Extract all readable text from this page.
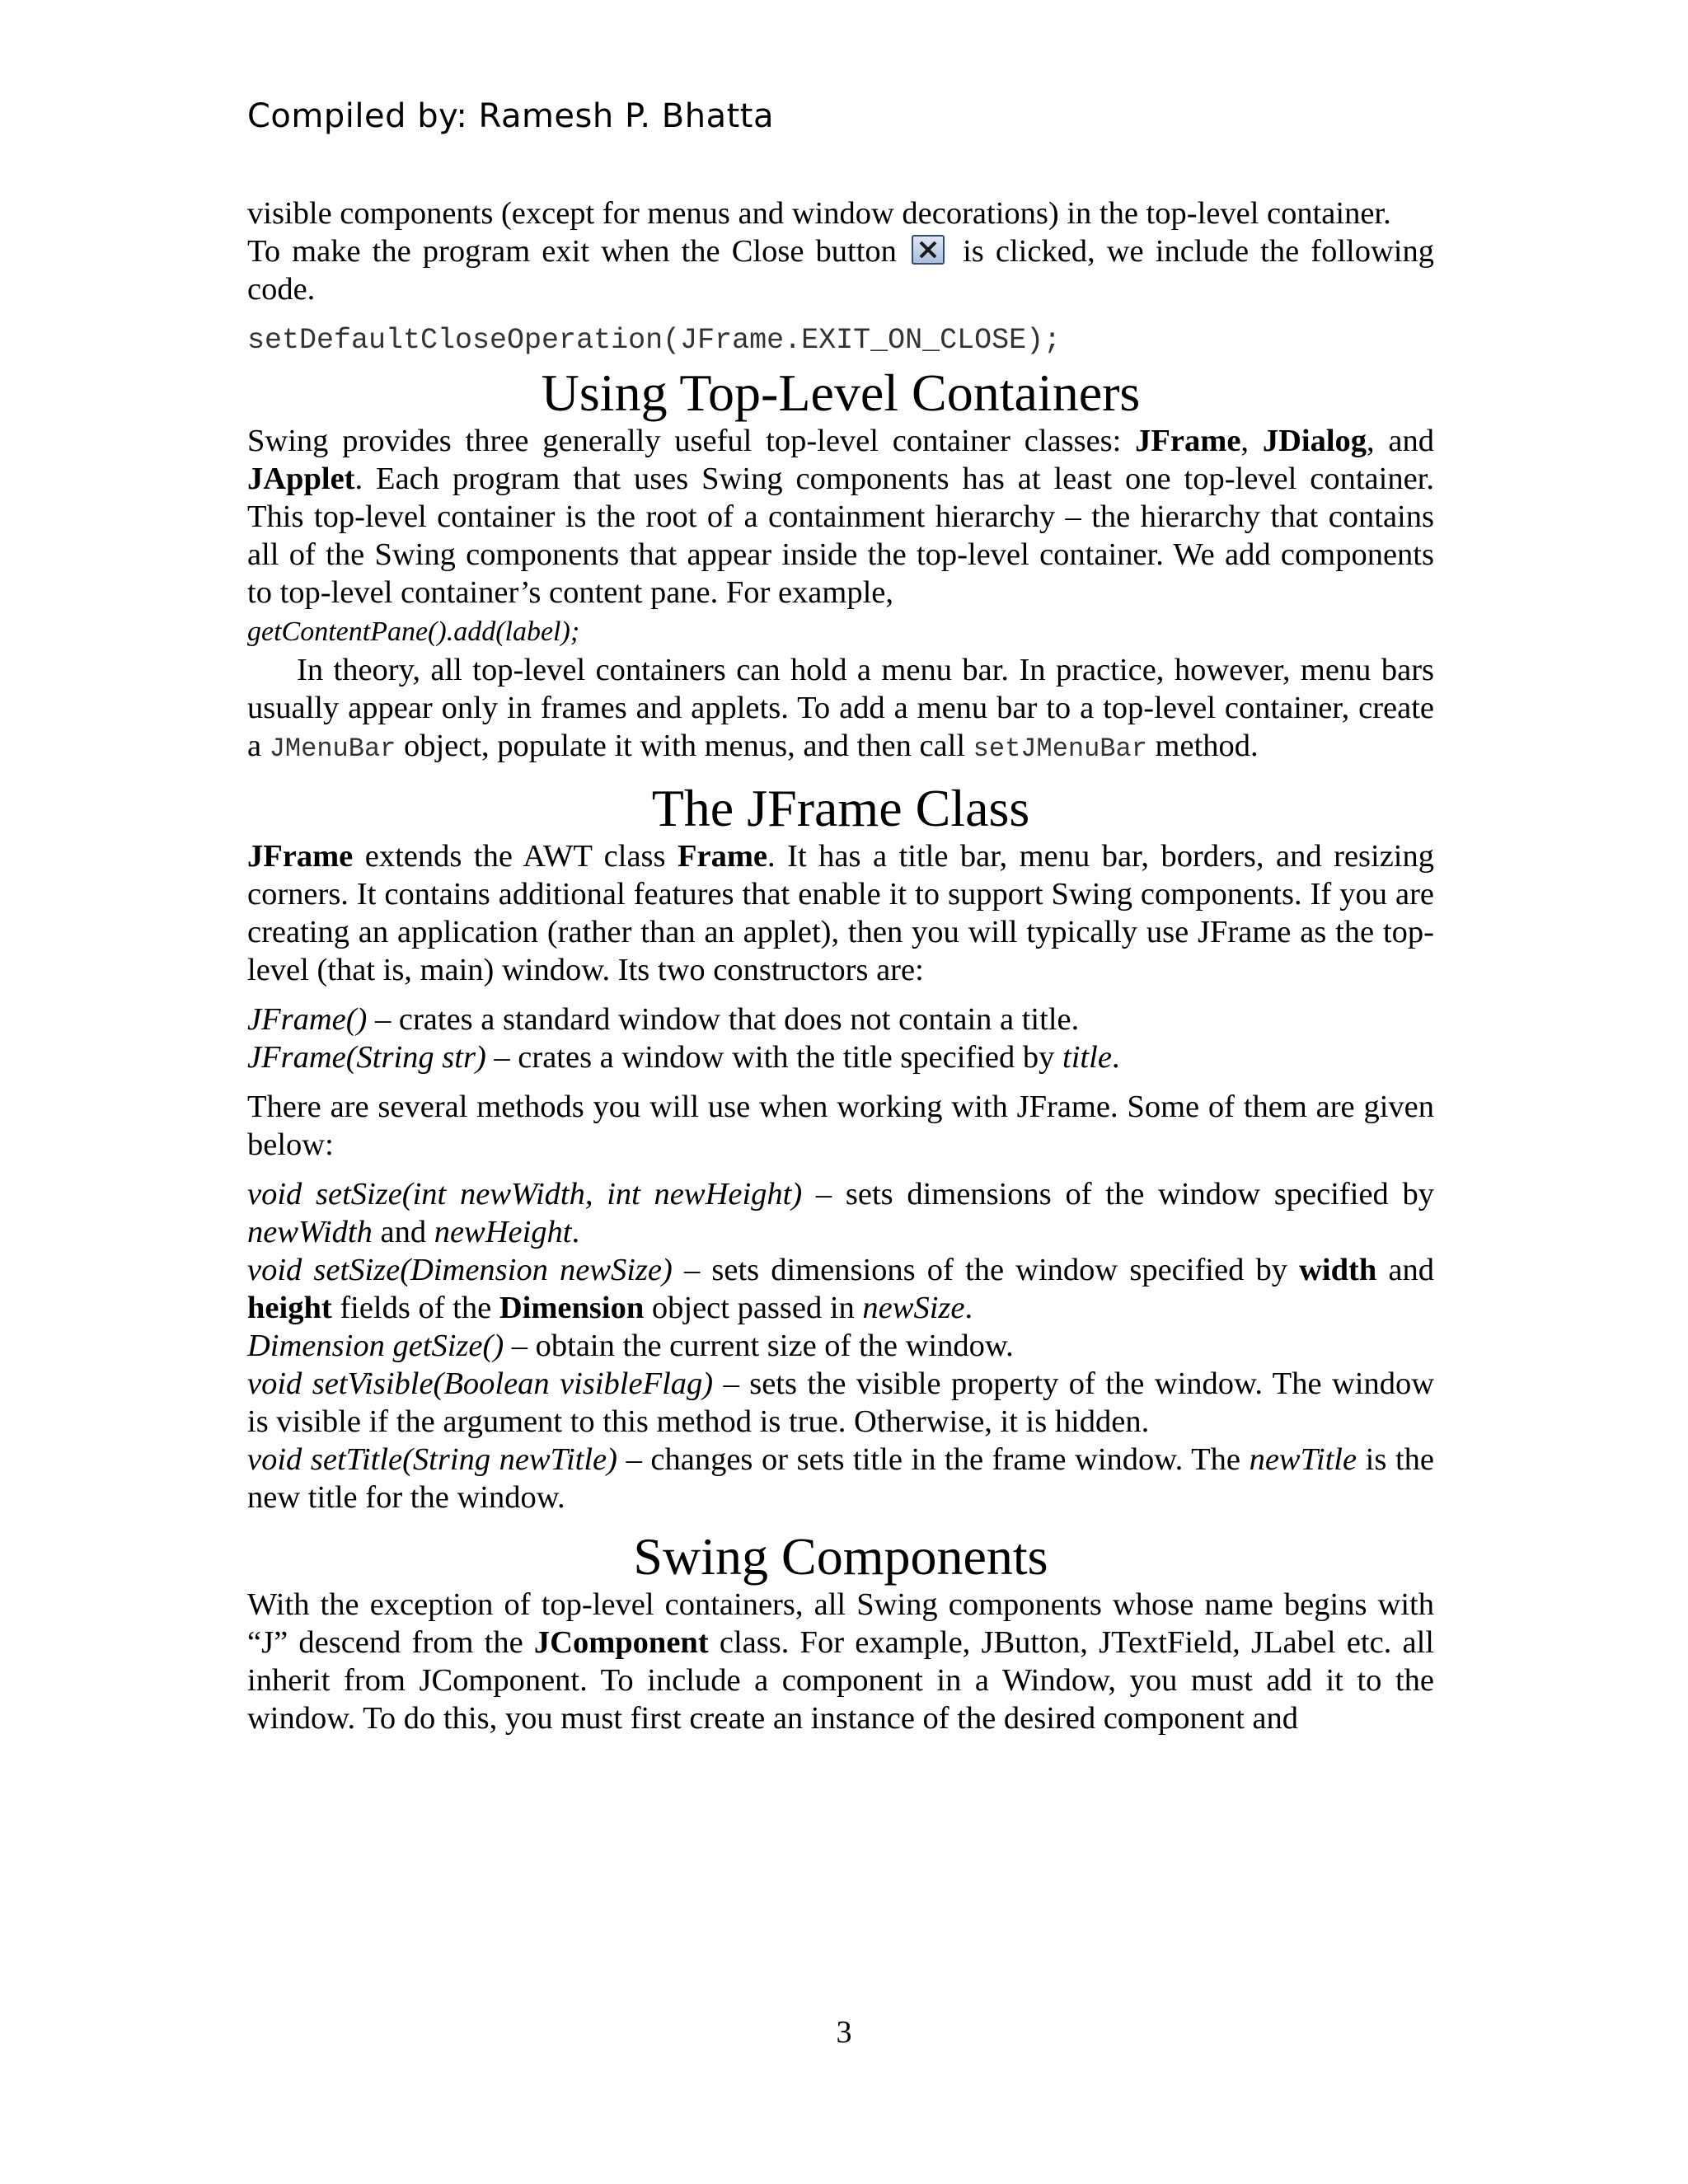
Compiled by: Ramesh P. Bhatta

visible components (except for menus and window decorations) in the top-level container.

To make the program exit when the Close button is clicked, we include the following code.

setDefaultCloseOperation(JFrame.EXIT_ON_CLOSE);
Using Top-Level Containers

Swing provides three generally useful top-level container classes: JFrame, JDialog, and JApplet. Each program that uses Swing components has at least one top-level container. This top-level container is the root of a containment hierarchy – the hierarchy that contains all of the Swing components that appear inside the top-level container. We add components to top-level container’s content pane. For example,

getContentPane().add(label);

In theory, all top-level containers can hold a menu bar. In practice, however, menu bars usually appear only in frames and applets. To add a menu bar to a top-level container, create a JMenuBar object, populate it with menus, and then call setJMenuBar method.

The JFrame Class

JFrame extends the AWT class Frame. It has a title bar, menu bar, borders, and resizing corners. It contains additional features that enable it to support Swing components. If you are creating an application (rather than an applet), then you will typically use JFrame as the top-level (that is, main) window. Its two constructors are:

JFrame() – crates a standard window that does not contain a title.

JFrame(String str) – crates a window with the title specified by title.

There are several methods you will use when working with JFrame. Some of them are given below:

void setSize(int newWidth, int newHeight) – sets dimensions of the window specified by newWidth and newHeight.

void setSize(Dimension newSize) – sets dimensions of the window specified by width and height fields of the Dimension object passed in newSize.

Dimension getSize() – obtain the current size of the window.

void setVisible(Boolean visibleFlag) – sets the visible property of the window. The window is visible if the argument to this method is true. Otherwise, it is hidden.

void setTitle(String newTitle) – changes or sets title in the frame window. The newTitle is the new title for the window.

Swing Components

With the exception of top-level containers, all Swing components whose name begins with “J” descend from the JComponent class. For example, JButton, JTextField, JLabel etc. all inherit from JComponent. To include a component in a Window, you must add it to the window. To do this, you must first create an instance of the desired component and

3
